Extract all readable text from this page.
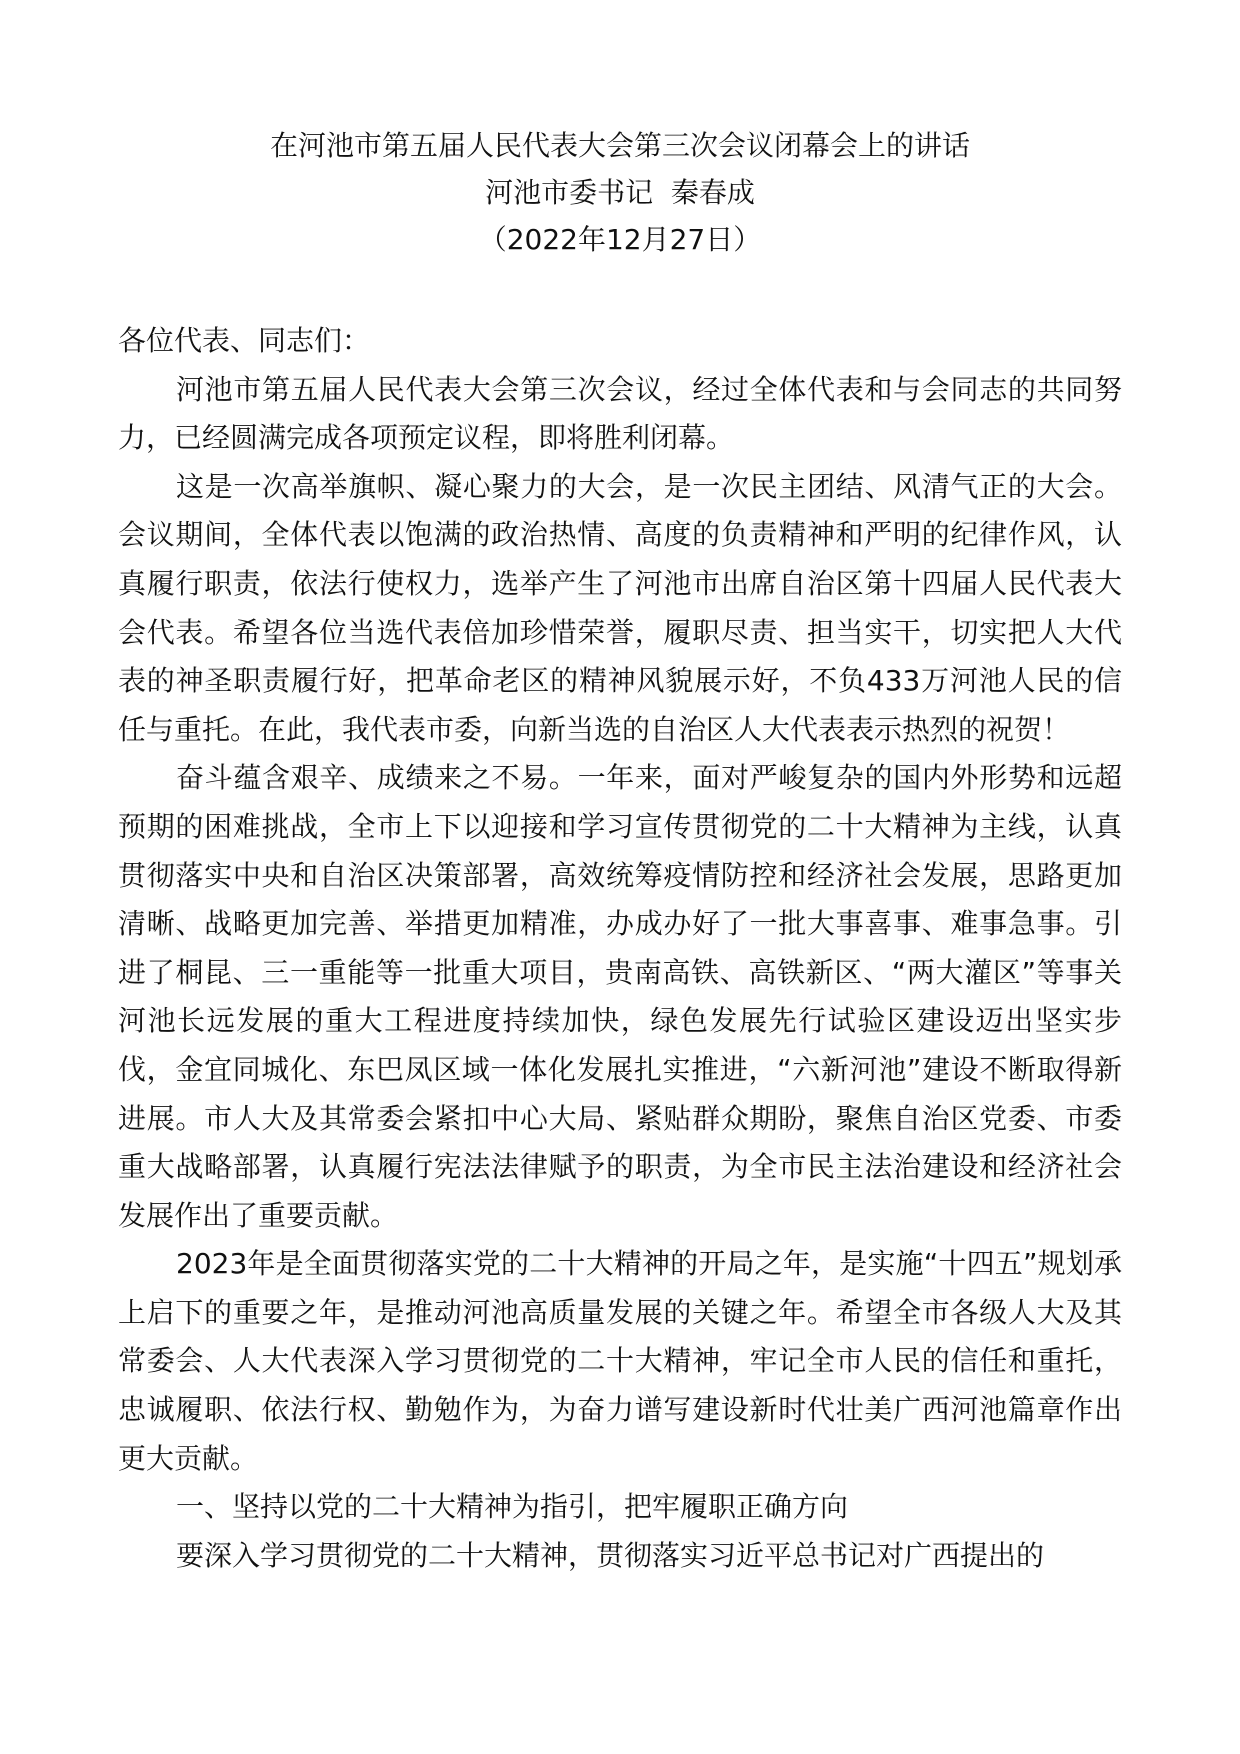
在河池市第五届人民代表大会第三次会议闭幕会上的讲话
河池市委书记  秦春成
（2022年12月27日）

各位代表、同志们：

河池市第五届人民代表大会第三次会议，经过全体代表和与会同志的共同努力，已经圆满完成各项预定议程，即将胜利闭幕。

这是一次高举旗帜、凝心聚力的大会，是一次民主团结、风清气正的大会。会议期间，全体代表以饱满的政治热情、高度的负责精神和严明的纪律作风，认真履行职责，依法行使权力，选举产生了河池市出席自治区第十四届人民代表大会代表。希望各位当选代表倍加珍惜荣誉，履职尽责、担当实干，切实把人大代表的神圣职责履行好，把革命老区的精神风貌展示好，不负433万河池人民的信任与重托。在此，我代表市委，向新当选的自治区人大代表表示热烈的祝贺！

奋斗蕴含艰辛、成绩来之不易。一年来，面对严峻复杂的国内外形势和远超预期的困难挑战，全市上下以迎接和学习宣传贯彻党的二十大精神为主线，认真贯彻落实中央和自治区决策部署，高效统筹疫情防控和经济社会发展，思路更加清晰、战略更加完善、举措更加精准，办成办好了一批大事喜事、难事急事。引进了桐昆、三一重能等一批重大项目，贵南高铁、高铁新区、“两大灌区”等事关河池长远发展的重大工程进度持续加快，绿色发展先行试验区建设迈出坚实步伐，金宜同城化、东巴凤区域一体化发展扎实推进，“六新河池”建设不断取得新进展。市人大及其常委会紧扣中心大局、紧贴群众期盼，聚焦自治区党委、市委重大战略部署，认真履行宪法法律赋予的职责，为全市民主法治建设和经济社会发展作出了重要贡献。

2023年是全面贯彻落实党的二十大精神的开局之年，是实施“十四五”规划承上启下的重要之年，是推动河池高质量发展的关键之年。希望全市各级人大及其常委会、人大代表深入学习贯彻党的二十大精神，牢记全市人民的信任和重托，忠诚履职、依法行权、勤勉作为，为奋力谱写建设新时代壮美广西河池篇章作出更大贡献。

一、坚持以党的二十大精神为指引，把牢履职正确方向

要深入学习贯彻党的二十大精神，贯彻落实习近平总书记对广西提出的
